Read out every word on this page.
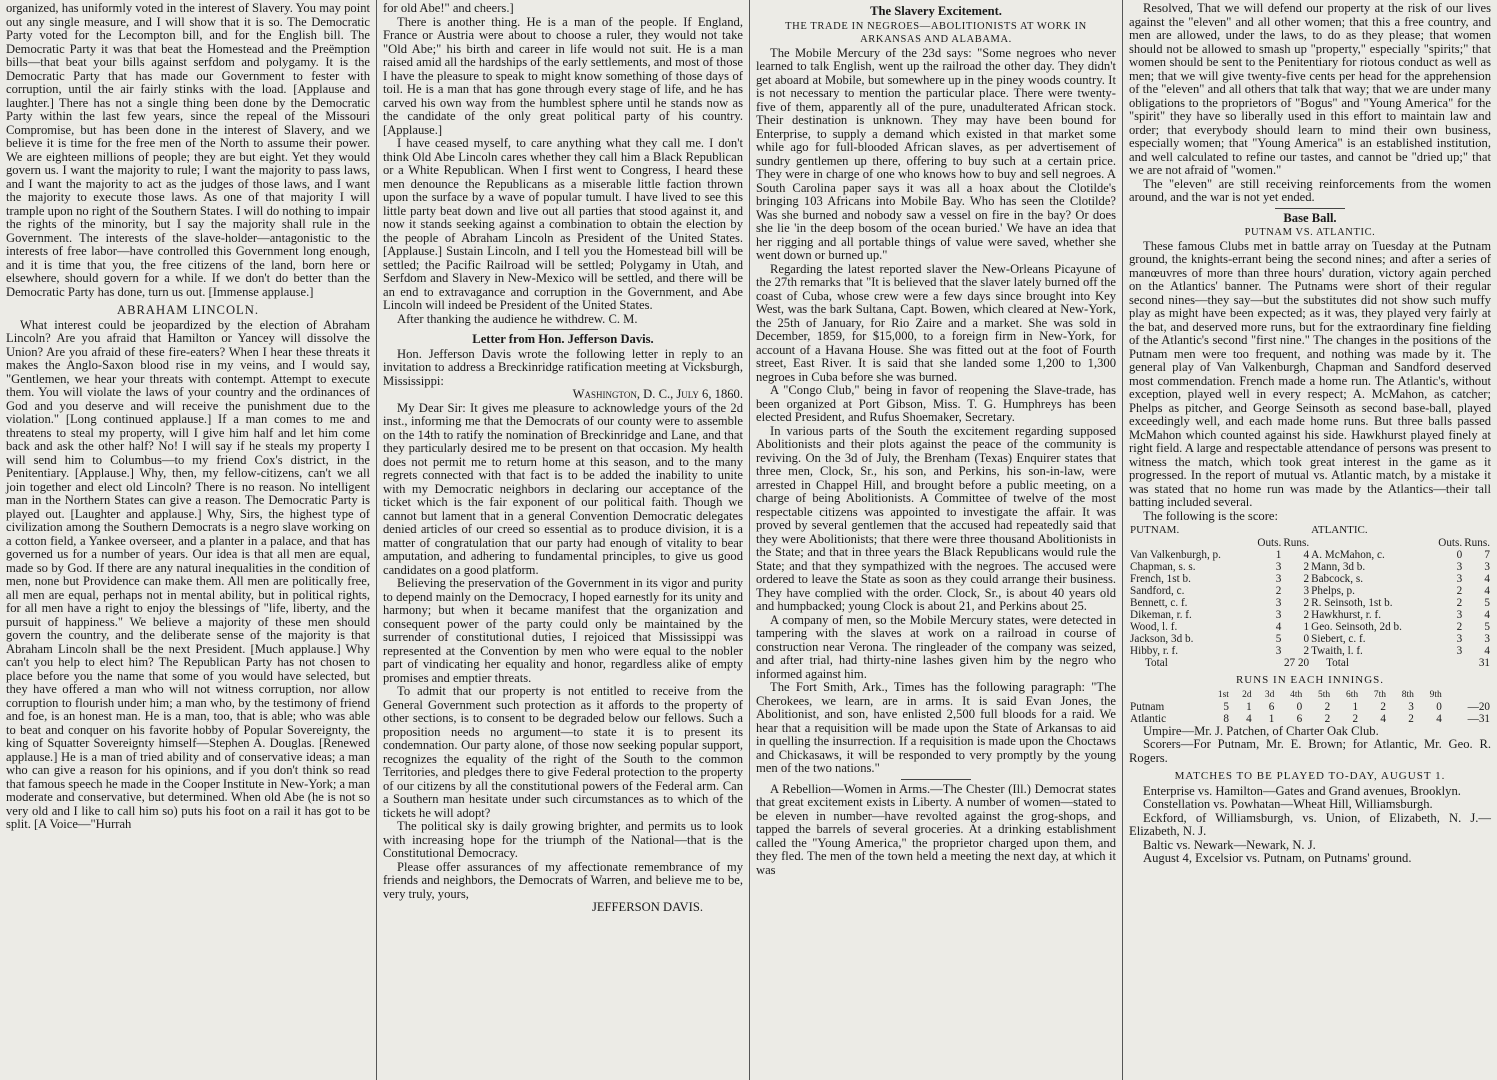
organized, has uniformly voted in the interest of Slavery. You may point out any single measure, and I will show that it is so. The Democratic Party voted for the Lecompton bill, and for the English bill. The Democratic Party it was that beat the Homestead and the Preëmption bills—that beat your bills against serfdom and polygamy. It is the Democratic Party that has made our Government to fester with corruption, until the air fairly stinks with the load. [Applause and laughter.] There has not a single thing been done by the Democratic Party within the last few years, since the repeal of the Missouri Compromise, but has been done in the interest of Slavery, and we believe it is time for the free men of the North to assume their power. We are eighteen millions of people; they are but eight. Yet they would govern us. I want the majority to rule; I want the majority to pass laws, and I want the majority to act as the judges of those laws, and I want the majority to execute those laws. As one of that majority I will trample upon no right of the Southern States. I will do nothing to impair the rights of the minority, but I say the majority shall rule in the Government. The interests of the slave-holder—antagonistic to the interests of free labor—have controlled this Government long enough, and it is time that you, the free citizens of the land, born here or elsewhere, should govern for a while. If we don't do better than the Democratic Party has done, turn us out. [Immense applause.]

ABRAHAM LINCOLN.

What interest could be jeopardized by the election of Abraham Lincoln? Are you afraid that Hamilton or Yancey will dissolve the Union? Are you afraid of these fire-eaters? When I hear these threats it makes the Anglo-Saxon blood rise in my veins, and I would say, "Gentlemen, we hear your threats with contempt. Attempt to execute them. You will violate the laws of your country and the ordinances of God and you deserve and will receive the punishment due to the violation." [Long continued applause.] If a man comes to me and threatens to steal my property, will I give him half and let him come back and ask the other half? No! I will say if he steals my property I will send him to Columbus—to my friend Cox's district, in the Penitentiary. [Applause.] Why, then, my fellow-citizens, can't we all join together and elect old Lincoln? There is no reason. No intelligent man in the Northern States can give a reason. The Democratic Party is played out. [Laughter and applause.] Why, Sirs, the highest type of civilization among the Southern Democrats is a negro slave working on a cotton field, a Yankee overseer, and a planter in a palace, and that has governed us for a number of years. Our idea is that all men are equal, made so by God. If there are any natural inequalities in the condition of men, none but Providence can make them. All men are politically free, all men are equal, perhaps not in mental ability, but in political rights, for all men have a right to enjoy the blessings of "life, liberty, and the pursuit of happiness." We believe a majority of these men should govern the country, and the deliberate sense of the majority is that Abraham Lincoln shall be the next President. [Much applause.] Why can't you help to elect him? The Republican Party has not chosen to place before you the name that some of you would have selected, but they have offered a man who will not witness corruption, nor allow corruption to flourish under him; a man who, by the testimony of friend and foe, is an honest man. He is a man, too, that is able; who was able to beat and conquer on his favorite hobby of Popular Sovereignty, the king of Squatter Sovereignty himself—Stephen A. Douglas. [Renewed applause.] He is a man of tried ability and of conservative ideas; a man who can give a reason for his opinions, and if you don't think so read that famous speech he made in the Cooper Institute in New-York; a man moderate and conservative, but determined. When old Abe (he is not so very old and I like to call him so) puts his foot on a rail it has got to be split. [A Voice—"Hurrah

for old Abe!" and cheers.]

There is another thing. He is a man of the people. If England, France or Austria were about to choose a ruler, they would not take "Old Abe;" his birth and career in life would not suit. He is a man raised amid all the hardships of the early settlements, and most of those I have the pleasure to speak to might know something of those days of toil. He is a man that has gone through every stage of life, and he has carved his own way from the humblest sphere until he stands now as the candidate of the only great political party of his country. [Applause.]

I have ceased myself, to care anything what they call me. I don't think Old Abe Lincoln cares whether they call him a Black Republican or a White Republican. When I first went to Congress, I heard these men denounce the Republicans as a miserable little faction thrown upon the surface by a wave of popular tumult. I have lived to see this little party beat down and live out all parties that stood against it, and now it stands seeking against a combination to obtain the election by the people of Abraham Lincoln as President of the United States. [Applause.] Sustain Lincoln, and I tell you the Homestead bill will be settled; the Pacific Railroad will be settled; Polygamy in Utah, and Serfdom and Slavery in New-Mexico will be settled, and there will be an end to extravagance and corruption in the Government, and Abe Lincoln will indeed be President of the United States.

After thanking the audience he withdrew. C. M.

Letter from Hon. Jefferson Davis.

Hon. Jefferson Davis wrote the following letter in reply to an invitation to address a Breckinridge ratification meeting at Vicksburgh, Mississippi:

Washington, D. C., July 6, 1860.

My Dear Sir: It gives me pleasure to acknowledge yours of the 2d inst., informing me that the Democrats of our county were to assemble on the 14th to ratify the nomination of Breckinridge and Lane, and that they particularly desired me to be present on that occasion. My health does not permit me to return home at this season, and to the many regrets connected with that fact is to be added the inability to unite with my Democratic neighbors in declaring our acceptance of the ticket which is the fair exponent of our political faith. Though we cannot but lament that in a general Convention Democratic delegates denied articles of our creed so essential as to produce division, it is a matter of congratulation that our party had enough of vitality to bear amputation, and adhering to fundamental principles, to give us good candidates on a good platform.

Believing the preservation of the Government in its vigor and purity to depend mainly on the Democracy, I hoped earnestly for its unity and harmony; but when it became manifest that the organization and consequent power of the party could only be maintained by the surrender of constitutional duties, I rejoiced that Mississippi was represented at the Convention by men who were equal to the nobler part of vindicating her equality and honor, regardless alike of empty promises and emptier threats.

To admit that our property is not entitled to receive from the General Government such protection as it affords to the property of other sections, is to consent to be degraded below our fellows. Such a proposition needs no argument—to state it is to present its condemnation. Our party alone, of those now seeking popular support, recognizes the equality of the right of the South to the common Territories, and pledges there to give Federal protection to the property of our citizens by all the constitutional powers of the Federal arm. Can a Southern man hesitate under such circumstances as to which of the tickets he will adopt?

The political sky is daily growing brighter, and permits us to look with increasing hope for the triumph of the National—that is the Constitutional Democracy.

Please offer assurances of my affectionate remembrance of my friends and neighbors, the Democrats of Warren, and believe me to be, very truly, yours,

JEFFERSON DAVIS.

The Slavery Excitement.

THE TRADE IN NEGROES—ABOLITIONISTS AT WORK IN ARKANSAS AND ALABAMA.

The Mobile Mercury of the 23d says: "Some negroes who never learned to talk English, went up the railroad the other day. They didn't get aboard at Mobile, but somewhere up in the piney woods country. It is not necessary to mention the particular place. There were twenty-five of them, apparently all of the pure, unadulterated African stock. Their destination is unknown. They may have been bound for Enterprise, to supply a demand which existed in that market some while ago for full-blooded African slaves, as per advertisement of sundry gentlemen up there, offering to buy such at a certain price. They were in charge of one who knows how to buy and sell negroes. A South Carolina paper says it was all a hoax about the Clotilde's bringing 103 Africans into Mobile Bay. Who has seen the Clotilde? Was she burned and nobody saw a vessel on fire in the bay? Or does she lie 'in the deep bosom of the ocean buried.' We have an idea that her rigging and all portable things of value were saved, whether she went down or burned up."

Regarding the latest reported slaver the New-Orleans Picayune of the 27th remarks that "It is believed that the slaver lately burned off the coast of Cuba, whose crew were a few days since brought into Key West, was the bark Sultana, Capt. Bowen, which cleared at New-York, the 25th of January, for Rio Zaire and a market. She was sold in December, 1859, for $15,000, to a foreign firm in New-York, for account of a Havana House. She was fitted out at the foot of Fourth street, East River. It is said that she landed some 1,200 to 1,300 negroes in Cuba before she was burned.

A "Congo Club," being in favor of reopening the Slave-trade, has been organized at Port Gibson, Miss. T. G. Humphreys has been elected President, and Rufus Shoemaker, Secretary.

In various parts of the South the excitement regarding supposed Abolitionists and their plots against the peace of the community is reviving. On the 3d of July, the Brenham (Texas) Enquirer states that three men, Clock, Sr., his son, and Perkins, his son-in-law, were arrested in Chappel Hill, and brought before a public meeting, on a charge of being Abolitionists. A Committee of twelve of the most respectable citizens was appointed to investigate the affair. It was proved by several gentlemen that the accused had repeatedly said that they were Abolitionists; that there were three thousand Abolitionists in the State; and that in three years the Black Republicans would rule the State; and that they sympathized with the negroes. The accused were ordered to leave the State as soon as they could arrange their business. They have complied with the order. Clock, Sr., is about 40 years old and humpbacked; young Clock is about 21, and Perkins about 25.

A company of men, so the Mobile Mercury states, were detected in tampering with the slaves at work on a railroad in course of construction near Verona. The ringleader of the company was seized, and after trial, had thirty-nine lashes given him by the negro who informed against him.

The Fort Smith, Ark., Times has the following paragraph: "The Cherokees, we learn, are in arms. It is said Evan Jones, the Abolitionist, and son, have enlisted 2,500 full bloods for a raid. We hear that a requisition will be made upon the State of Arkansas to aid in quelling the insurrection. If a requisition is made upon the Choctaws and Chickasaws, it will be responded to very promptly by the young men of the two nations."

A Rebellion—Women in Arms.—The Chester (Ill.) Democrat states that great excitement exists in Liberty. A number of women—stated to be eleven in number—have revolted against the grog-shops, and tapped the barrels of several groceries. At a drinking establishment called the "Young America," the proprietor charged upon them, and they fled. The men of the town held a meeting the next day, at which it was

Resolved, That we will defend our property at the risk of our lives against the "eleven" and all other women; that this a free country, and men are allowed, under the laws, to do as they please; that women should not be allowed to smash up "property," especially "spirits;" that women should be sent to the Penitentiary for riotous conduct as well as men; that we will give twenty-five cents per head for the apprehension of the "eleven" and all others that talk that way; that we are under many obligations to the proprietors of "Bogus" and "Young America" for the "spirit" they have so liberally used in this effort to maintain law and order; that everybody should learn to mind their own business, especially women; that "Young America" is an established institution, and well calculated to refine our tastes, and cannot be "dried up;" that we are not afraid of "women."

The "eleven" are still receiving reinforcements from the women around, and the war is not yet ended.

Base Ball.

PUTNAM VS. ATLANTIC.

These famous Clubs met in battle array on Tuesday at the Putnam ground, the knights-errant being the second nines; and after a series of manœuvres of more than three hours' duration, victory again perched on the Atlantics' banner. The Putnams were short of their regular second nines—they say—but the substitutes did not show such muffy play as might have been expected; as it was, they played very fairly at the bat, and deserved more runs, but for the extraordinary fine fielding of the Atlantic's second "first nine." The changes in the positions of the Putnam men were too frequent, and nothing was made by it. The general play of Van Valkenburgh, Chapman and Sandford deserved most commendation. French made a home run. The Atlantic's, without exception, played well in every respect; A. McMahon, as catcher; Phelps as pitcher, and George Seinsoth as second base-ball, played exceedingly well, and each made home runs. But three balls passed McMahon which counted against his side. Hawkhurst played finely at right field. A large and respectable attendance of persons was present to witness the match, which took great interest in the game as it progressed. In the report of mutual vs. Atlantic match, by a mistake it was stated that no home run was made by the Atlantics—their tall batting included several.

The following is the score:

PUTNAM.			ATLANTIC.		
	Outs.	Runs.		Outs.	Runs.
Van Valkenburgh, p.	1	4	A. McMahon, c.	0	7
Chapman, s. s.	3	2	Mann, 3d b.	3	3
French, 1st b.	3	2	Babcock, s.	3	4
Sandford, c.	2	3	Phelps, p.	2	4
Bennett, c. f.	3	2	R. Seinsoth, 1st b.	2	5
Dikeman, r. f.	3	2	Hawkhurst, r. f.	3	4
Wood, l. f.	4	1	Geo. Seinsoth, 2d b.	2	5
Jackson, 3d b.	5	0	Siebert, c. f.	3	3
Hibby, r. f.	3	2	Twaith, l. f.	3	4
Total	27 20		Total	31	

RUNS IN EACH INNINGS.

	1st	2d	3d	4th	5th	6th	7th	8th	9th	
Putnam	5	1	6	0	2	1	2	3	0	—20
Atlantic	8	4	1	6	2	2	4	2	4	—31

Umpire—Mr. J. Patchen, of Charter Oak Club.

Scorers—For Putnam, Mr. E. Brown; for Atlantic, Mr. Geo. R. Rogers.

MATCHES TO BE PLAYED TO-DAY, AUGUST 1.

Enterprise vs. Hamilton—Gates and Grand avenues, Brooklyn.

Constellation vs. Powhatan—Wheat Hill, Williamsburgh.

Eckford, of Williamsburgh, vs. Union, of Elizabeth, N. J.—Elizabeth, N. J.

Baltic vs. Newark—Newark, N. J.

August 4, Excelsior vs. Putnam, on Putnams' ground.
